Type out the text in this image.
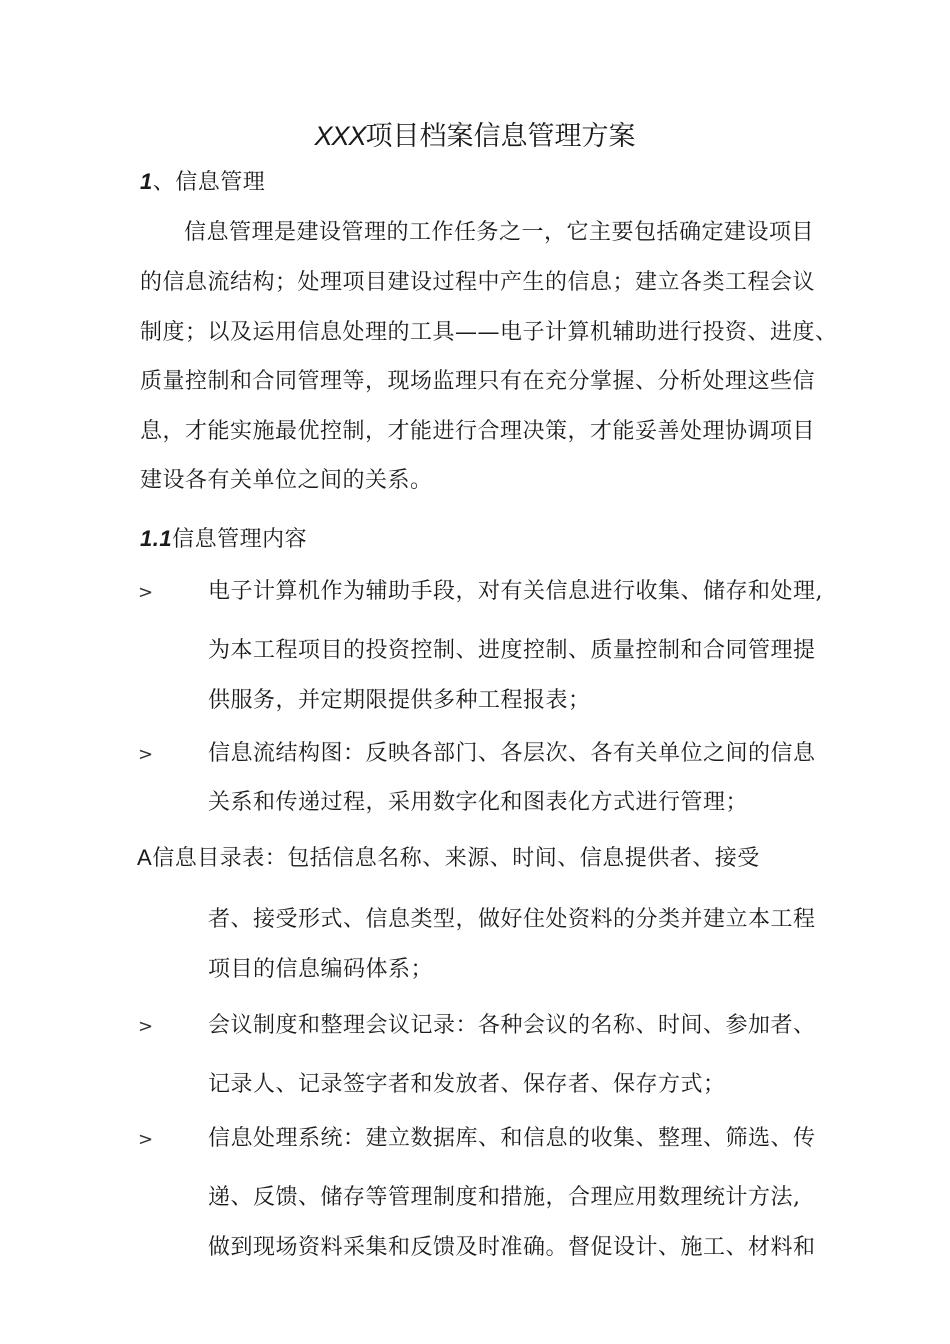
XXX项目档案信息管理方案
1、信息管理
信息管理是建设管理的工作任务之一，它主要包括确定建设项目
的信息流结构；处理项目建设过程中产生的信息；建立各类工程会议
制度；以及运用信息处理的工具——电子计算机辅助进行投资、进度、
质量控制和合同管理等，现场监理只有在充分掌握、分析处理这些信
息，才能实施最优控制，才能进行合理决策，才能妥善处理协调项目
建设各有关单位之间的关系。
1.1信息管理内容
> 电子计算机作为辅助手段，对有关信息进行收集、储存和处理,
为本工程项目的投资控制、进度控制、质量控制和合同管理提
供服务，并定期限提供多种工程报表；
> 信息流结构图：反映各部门、各层次、各有关单位之间的信息
关系和传递过程，采用数字化和图表化方式进行管理；
A信息目录表：包括信息名称、来源、时间、信息提供者、接受
者、接受形式、信息类型，做好住处资料的分类并建立本工程
项目的信息编码体系；
> 会议制度和整理会议记录：各种会议的名称、时间、参加者、
记录人、记录签字者和发放者、保存者、保存方式；
> 信息处理系统：建立数据库、和信息的收集、整理、筛选、传
递、反馈、储存等管理制度和措施，合理应用数理统计方法,
做到现场资料采集和反馈及时准确。督促设计、施工、材料和
